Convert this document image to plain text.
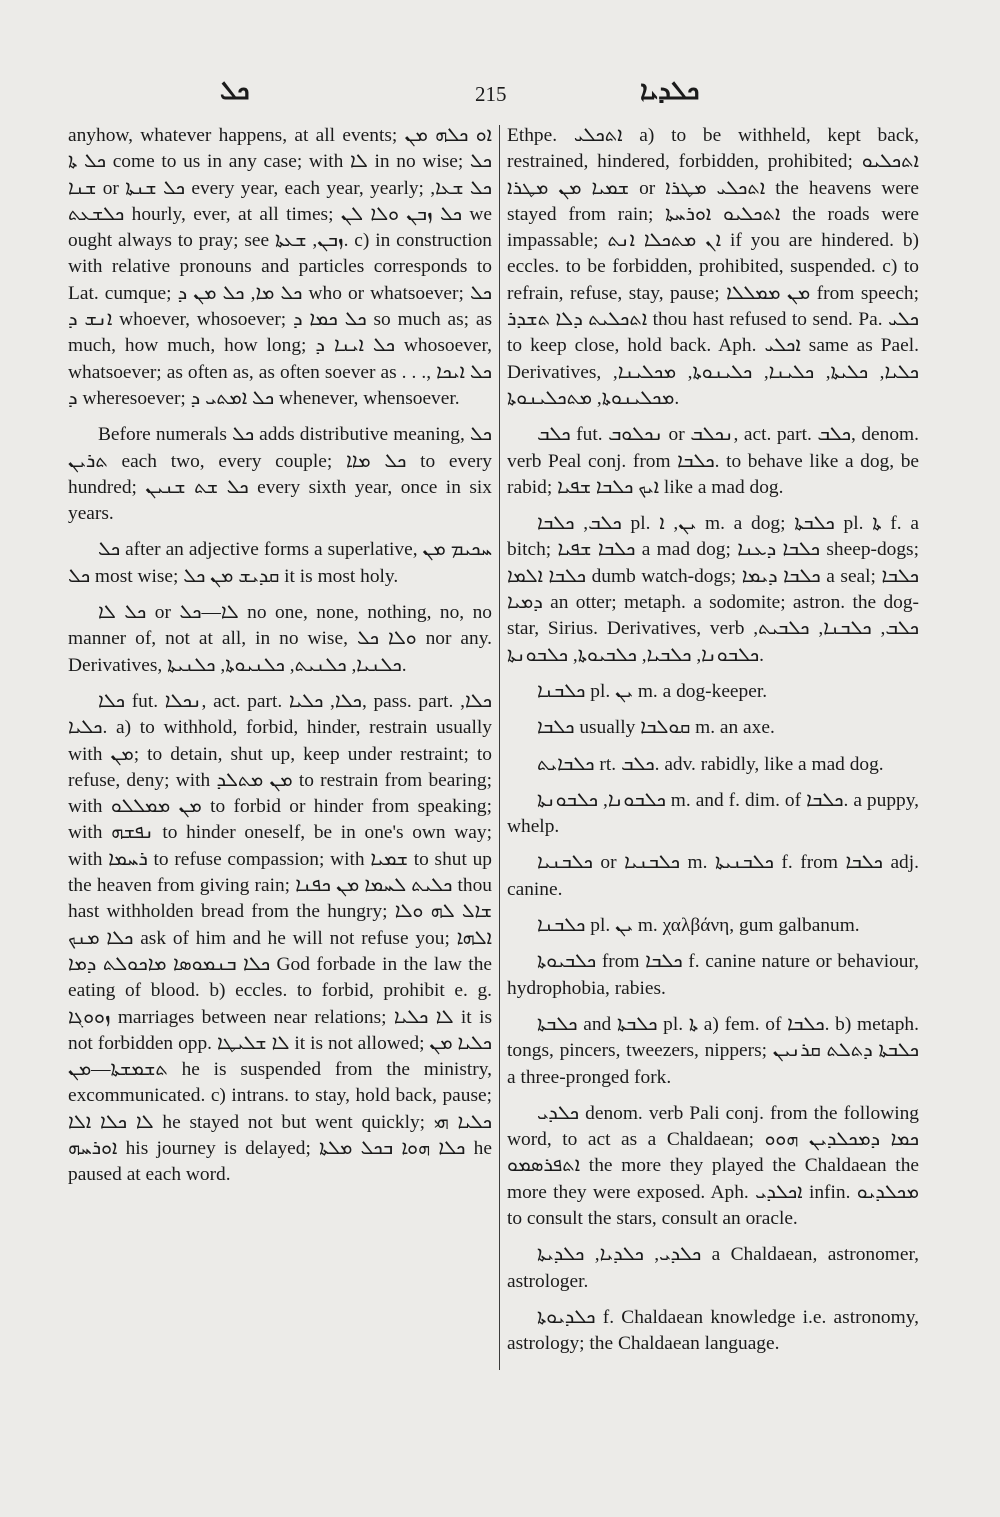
ܟܠ	215	ܟܠܕܝܐ

anyhow, whatever happens, at all events; ܐܘ ܟܠܗ ܡܢ ܟܠ ܬܐ come to us in any case; with ܠܐ in no wise; ܟܠ ܫܢܐ or ܟܠ ܫܢܬܐ every year, each year, yearly; ܟܠ ܫܥܐ, ܟܠܫܥܬ hourly, ever, at all times; ܟܠ ܙܒܢ ܘܠܐ ܠܢ we ought always to pray; see ܙܒܢ, ܫܥܬܐ. c) in construction with relative pronouns and particles corresponds to Lat. cumque; ܟܠ ܡܐ, ܟܠ ܡܢ ܕ who or whatsoever; ܟܠ ܐܢܫ ܕ whoever, whosoever; ܟܠ ܟܡܐ ܕ so much as; as much, how much, how long; ܟܠ ܐܝܢܐ ܕ whosoever, whatsoever; as often as, as often soever as . . ., ܟܠ ܐܝܟܐ ܕ wheresoever; ܟܠ ܐܡܬܝ ܕ whenever, whensoever.

Before numerals ܟܠ adds distributive meaning, ܟܠ ܬܪܝܢ each two, every couple; ܟܠ ܡܐܐ to every hundred; ܟܠ ܫܬ ܫܢܝܢ every sixth year, once in six years.

ܟܠ after an adjective forms a superlative, ܚܟܝܡ ܡܢ ܟܠ most wise; ܩܕܝܫ ܡܢ ܟܠ it is most holy.

ܟܠ ܠܐ or ܠܐ—ܟܠ no one, none, nothing, no, no manner of, not at all, in no wise, ܘܠܐ ܟܠ nor any. Derivatives, ܟܠܢܝܐ, ܟܠܢܝܬ, ܟܠܢܝܘܬܐ, ܟܠܢܝܬܐ.

ܟܠܐ fut. ܢܟܠܐ, act. part. ܟܠܐ, ܟܠܝܐ, pass. part. ܟܠܐ, ܟܠܝܐ. a) to withhold, forbid, hinder, restrain usually with ܡܢ; to detain, shut up, keep under restraint; to refuse, deny; with ܡܢ ܡܬܠܕ to restrain from bearing; with ܡܢ ܡܡܠܠܘ to forbid or hinder from speaking; with ܢܦܫܗ to hinder oneself, be in one's own way; with ܪܚܡܐ to refuse compassion; with ܫܡܝܐ to shut up the heaven from giving rain; ܟܠܝܬ ܠܚܡܐ ܡܢ ܟܦܢܐ thou hast withholden bread from the hungry; ܫܐܠ ܠܗ ܘܠܐ ܟܠܐ ܡܢܟ ask of him and he will not refuse you; ܐܠܗܐ ܟܠܐ ܒܢܡܘܣܐ ܡܐܟܘܠܬ ܕܡܐ God forbade in the law the eating of blood. b) eccles. to forbid, prohibit e. g. ܙܘܘܓܐ marriages between near relations; ܠܐ ܟܠܝܐ it is not forbidden opp. ܠܐ ܫܠܝܛܐ it is not allowed; ܟܠܝܐ ܡܢ ܬܫܡܫܬܐ—ܡܢ he is suspended from the ministry, excommunicated. c) intrans. to stay, hold back, pause; ܠܐ ܟܠܐ ܐܠܐ he stayed not but went quickly; ܟܠܝܐ ܗܝ ܐܘܪܚܗ his journey is delayed; ܟܠܐ ܗܘܐ ܒܟܠ ܡܠܬܐ he paused at each word.

Ethpe. ܐܬܟܠܝ a) to be withheld, kept back, restrained, hindered, forbidden, prohibited; ܐܬܟܠܝܘ ܫܡܝܐ ܡܢ ܡܛܪܐ or ܐܬܟܠܝ ܡܛܪܐ the heavens were stayed from rain; ܐܬܟܠܝܘ ܐܘܪܚܬܐ the roads were impassable; ܐܢ ܡܬܟܠܐ ܐܢܬ if you are hindered. b) eccles. to be forbidden, prohibited, suspended. c) to refrain, refuse, stay, pause; ܡܢ ܡܡܠܠܐ from speech; ܐܬܟܠܝܬ ܕܠܐ ܬܫܕܪ thou hast refused to send. Pa. ܟܠܝ to keep close, hold back. Aph. ܐܟܠܝ same as Pael. Derivatives, ܟܠܝܐ, ܟܠܝܬܐ, ܟܠܝܢܐ, ܟܠܝܢܘܬܐ, ܡܟܠܝܢܐ, ܡܟܠܝܢܘܬܐ, ܡܬܟܠܝܢܘܬܐ.

ܟܠܒ fut. ܢܟܠܘܒ or ܢܟܠܒ, act. part. ܟܠܒ, denom. verb Peal conj. from ܟܠܒܐ. to behave like a dog, be rabid; ܐܝܟ ܟܠܒܐ ܫܦܝܐ like a mad dog.

ܟܠܒ, ܟܠܒܐ pl. ܝܢ, ܐ m. a dog; ܟܠܒܬܐ pl. ܬܐ f. a bitch; ܟܠܒܐ ܫܦܝܐ a mad dog; ܟܠܒܐ ܕܥܢܐ sheep-dogs; ܟܠܒܐ ܐܠܡܐ dumb watch-dogs; ܟܠܒܐ ܕܝܡܐ a seal; ܟܠܒܐ ܕܡܝܐ an otter; metaph. a sodomite; astron. the dog-star, Sirius. Derivatives, verb ܟܠܒ, ܟܠܒܢܐ, ܟܠܒܝܬ, ܟܠܒܘܢܐ, ܟܠܒܝܐ, ܟܠܒܝܘܬܐ, ܟܠܒܘܢܬܐ.

ܟܠܒܢܐ pl. ܝܢ m. a dog-keeper.

ܟܠܒܐ usually ܩܘܠܒܐ m. an axe.

ܟܠܒܐܝܬ rt. ܟܠܒ. adv. rabidly, like a mad dog.

ܟܠܒܘܢܐ, ܟܠܒܘܢܬܐ m. and f. dim. of ܟܠܒܐ. a puppy, whelp.

ܟܠܒܢܝܐ or ܟܠܒܢܝܐ m. ܟܠܒܢܝܬܐ f. from ܟܠܒܐ adj. canine.

ܟܠܒܢܐ pl. ܝܢ m. χαλβάνη, gum galbanum.

ܟܠܒܝܘܬܐ from ܟܠܒܐ f. canine nature or behaviour, hydrophobia, rabies.

ܟܠܒܬܐ and ܟܠܒܬܐ pl. ܬܐ a) fem. of ܟܠܒܐ. b) metaph. tongs, pincers, tweezers, nippers; ܟܠܒܬܐ ܕܬܠܬ ܩܪܢܝܢ a three-pronged fork.

ܟܠܕܝ denom. verb Pali conj. from the following word, to act as a Chaldaean; ܟܡܐ ܕܡܟܠܕܝܢ ܗܘܘ ܐܬܦܪܣܡܘ the more they played the Chaldaean the more they were exposed. Aph. ܐܟܠܕܝ infin. ܡܟܠܕܝܘ to consult the stars, consult an oracle.

ܟܠܕܝ, ܟܠܕܝܐ, ܟܠܕܝܬܐ a Chaldaean, astronomer, astrologer.

ܟܠܕܝܘܬܐ f. Chaldaean knowledge i.e. astronomy, astrology; the Chaldaean language.
